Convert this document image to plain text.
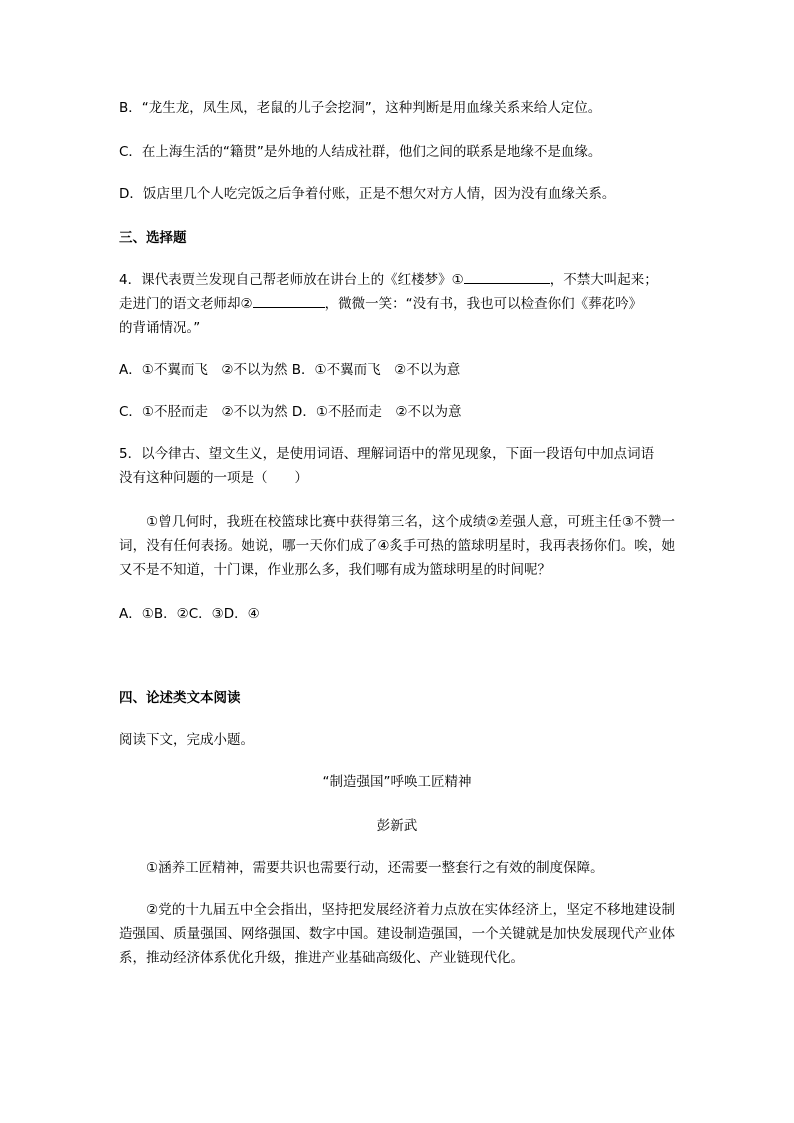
B．“龙生龙，凤生凤，老鼠的儿子会挖洞”，这种判断是用血缘关系来给人定位。
C．在上海生活的“籍贯”是外地的人结成社群，他们之间的联系是地缘不是血缘。
D．饭店里几个人吃完饭之后争着付账，正是不想欠对方人情，因为没有血缘关系。
三、选择题
4．课代表贾兰发现自己帮老师放在讲台上的《红楼梦》①	，不禁大叫起来；
走进门的语文老师却②	，微微一笑：“没有书，我也可以检查你们《葬花吟》
的背诵情况。”
A．①不翼而飞　②不以为然 B．①不翼而飞　②不以为意
C．①不胫而走　②不以为然 D．①不胫而走　②不以为意
5．以今律古、望文生义，是使用词语、理解词语中的常见现象，下面一段语句中加点词语
没有这种问题的一项是（　　）
①曾几何时，我班在校篮球比赛中获得第三名，这个成绩②差强人意，可班主任③不赞一词，没有任何表扬。她说，哪一天你们成了④炙手可热的篮球明星时，我再表扬你们。唉，她又不是不知道，十门课，作业那么多，我们哪有成为篮球明星的时间呢？
A．①B．②C．③D．④
四、论述类文本阅读
阅读下文，完成小题。
“制造强国”呼唤工匠精神
彭新武
①涵养工匠精神，需要共识也需要行动，还需要一整套行之有效的制度保障。
②党的十九届五中全会指出，坚持把发展经济着力点放在实体经济上，坚定不移地建设制造强国、质量强国、网络强国、数字中国。建设制造强国，一个关键就是加快发展现代产业体系，推动经济体系优化升级，推进产业基础高级化、产业链现代化。
